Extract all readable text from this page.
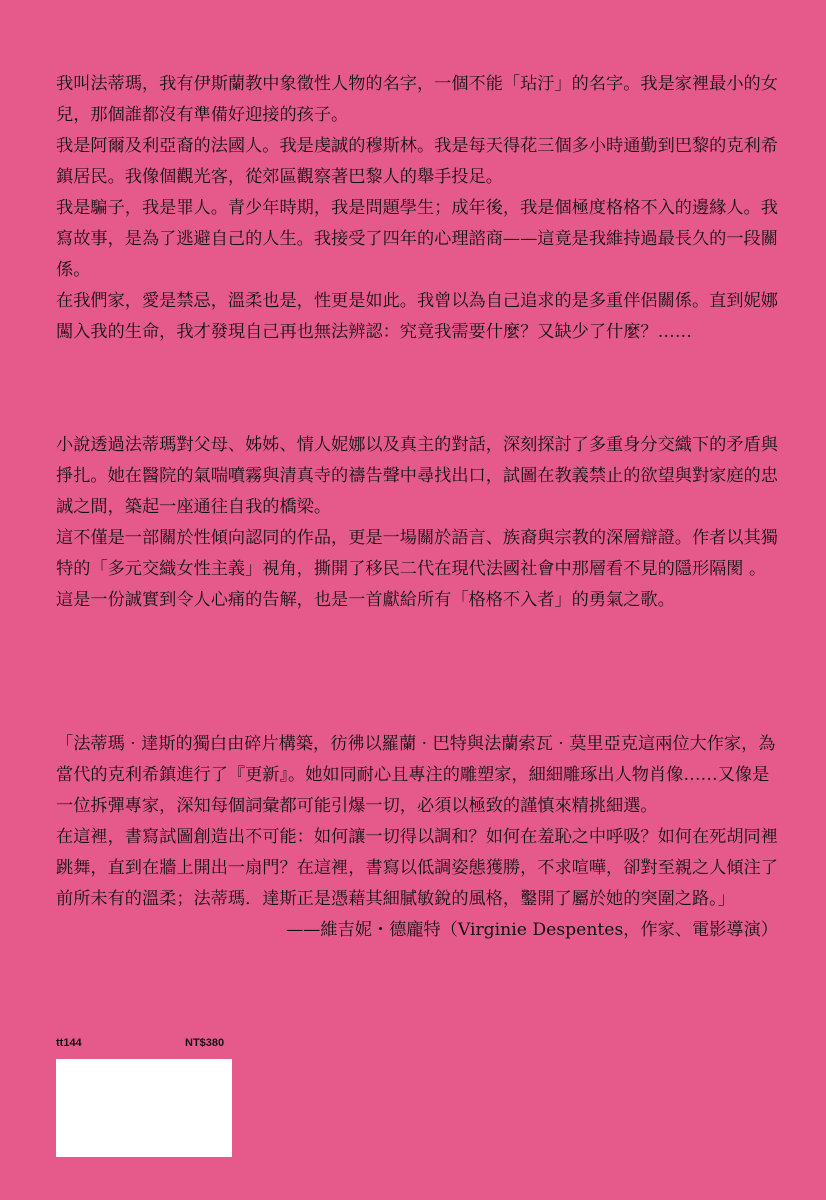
我叫法蒂瑪，我有伊斯蘭教中象徵性人物的名字，一個不能「玷汙」的名字。我是家裡最小的女兒，那個誰都沒有準備好迎接的孩子。

我是阿爾及利亞裔的法國人。我是虔誠的穆斯林。我是每天得花三個多小時通勤到巴黎的克利希鎮居民。我像個觀光客，從郊區觀察著巴黎人的舉手投足。

我是騙子，我是罪人。青少年時期，我是問題學生；成年後，我是個極度格格不入的邊緣人。我寫故事，是為了逃避自己的人生。我接受了四年的心理諮商——這竟是我維持過最長久的一段關係。

在我們家，愛是禁忌，溫柔也是，性更是如此。我曾以為自己追求的是多重伴侶關係。直到妮娜闖入我的生命，我才發現自己再也無法辨認：究竟我需要什麼？又缺少了什麼？……

小說透過法蒂瑪對父母、姊姊、情人妮娜以及真主的對話，深刻探討了多重身分交織下的矛盾與掙扎。她在醫院的氣喘噴霧與清真寺的禱告聲中尋找出口，試圖在教義禁止的欲望與對家庭的忠誠之間，築起一座通往自我的橋梁。

這不僅是一部關於性傾向認同的作品，更是一場關於語言、族裔與宗教的深層辯證。作者以其獨特的「多元交織女性主義」視角，撕開了移民二代在現代法國社會中那層看不見的隱形隔閡 。

這是一份誠實到令人心痛的告解，也是一首獻給所有「格格不入者」的勇氣之歌。

「法蒂瑪 · 達斯的獨白由碎片構築，彷彿以羅蘭 · 巴特與法蘭索瓦 · 莫里亞克這兩位大作家，為當代的克利希鎮進行了『更新』。她如同耐心且專注的雕塑家，細細雕琢出人物肖像……又像是一位拆彈專家，深知每個詞彙都可能引爆一切，必須以極致的謹慎來精挑細選。

在這裡，書寫試圖創造出不可能：如何讓一切得以調和？如何在羞恥之中呼吸？如何在死胡同裡跳舞，直到在牆上開出一扇門？在這裡，書寫以低調姿態獲勝，不求喧嘩，卻對至親之人傾注了前所未有的溫柔；法蒂瑪．達斯正是憑藉其細膩敏銳的風格，鑿開了屬於她的突圍之路。」

——維吉妮・德龐特（Virginie Despentes，作家、電影導演）

tt144	NT$380
